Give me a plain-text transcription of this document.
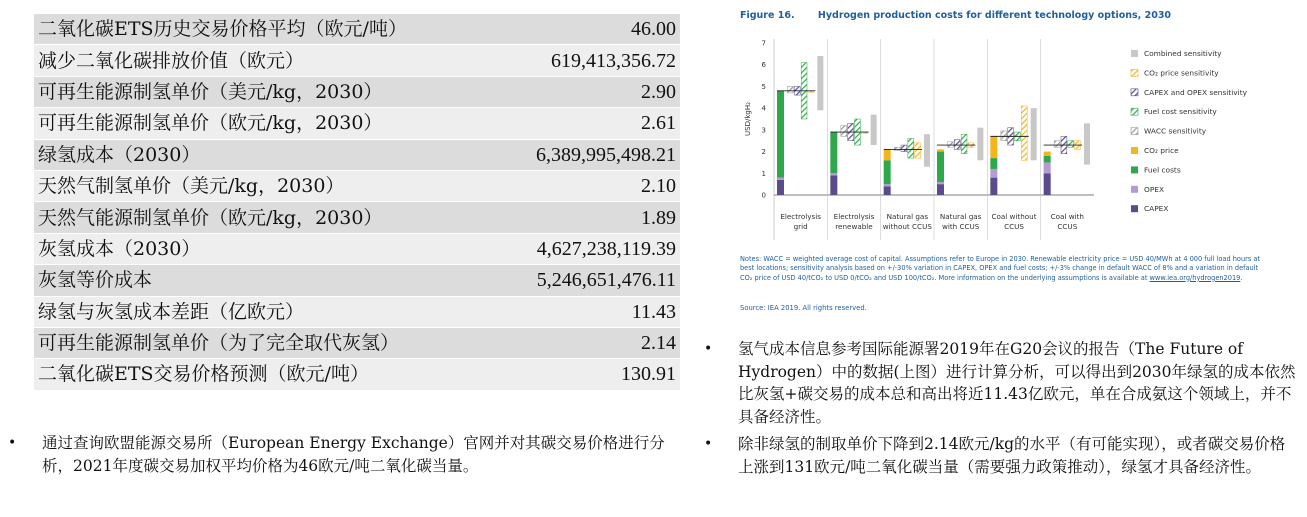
二氧化碳ETS历史交易价格平均（欧元/吨）	46.00
减少二氧化碳排放价值（欧元）	619,413,356.72
可再生能源制氢单价（美元/kg，2030）	2.90
可再生能源制氢单价（欧元/kg，2030）	2.61
绿氢成本（2030）	6,389,995,498.21
天然气制氢单价（美元/kg，2030）	2.10
天然气能源制氢单价（欧元/kg，2030）	1.89
灰氢成本（2030）	4,627,238,119.39
灰氢等价成本	5,246,651,476.11
绿氢与灰氢成本差距（亿欧元）	11.43
可再生能源制氢单价（为了完全取代灰氢）	2.14
二氧化碳ETS交易价格预测（欧元/吨）	130.91
• 通过查询欧盟能源交易所（European Energy Exchange）官网并对其碳交易价格进行分析，2021年度碳交易加权平均价格为46欧元/吨二氧化碳当量。
Figure 16. Hydrogen production costs for different technology options, 2030
USD/kgH₂
0
1
2
3
4
5
6
7
Electrolysis
grid
Electrolysis
renewable
Natural gas
without CCUS
Natural gas
with CCUS
Coal without
CCUS
Coal with
CCUS
Combined sensitivity
CO₂ price sensitivity
CAPEX and OPEX sensitivity
Fuel cost sensitivity
WACC sensitivity
CO₂ price
Fuel costs
OPEX
CAPEX
Notes: WACC = weighted average cost of capital. Assumptions refer to Europe in 2030. Renewable electricity price = USD 40/MWh at 4 000 full load hours at best locations; sensitivity analysis based on +/-30% variation in CAPEX, OPEX and fuel costs; +/-3% change in default WACC of 8% and a variation in default CO₂ price of USD 40/tCO₂ to USD 0/tCO₂ and USD 100/tCO₂. More information on the underlying assumptions is available at www.iea.org/hydrogen2019.
Source: IEA 2019. All rights reserved.
• 氢气成本信息参考国际能源署2019年在G20会议的报告（The Future of Hydrogen）中的数据(上图）进行计算分析，可以得出到2030年绿氢的成本依然比灰氢+碳交易的成本总和高出将近11.43亿欧元，单在合成氨这个领域上，并不具备经济性。
• 除非绿氢的制取单价下降到2.14欧元/kg的水平（有可能实现），或者碳交易价格上涨到131欧元/吨二氧化碳当量（需要强力政策推动），绿氢才具备经济性。
